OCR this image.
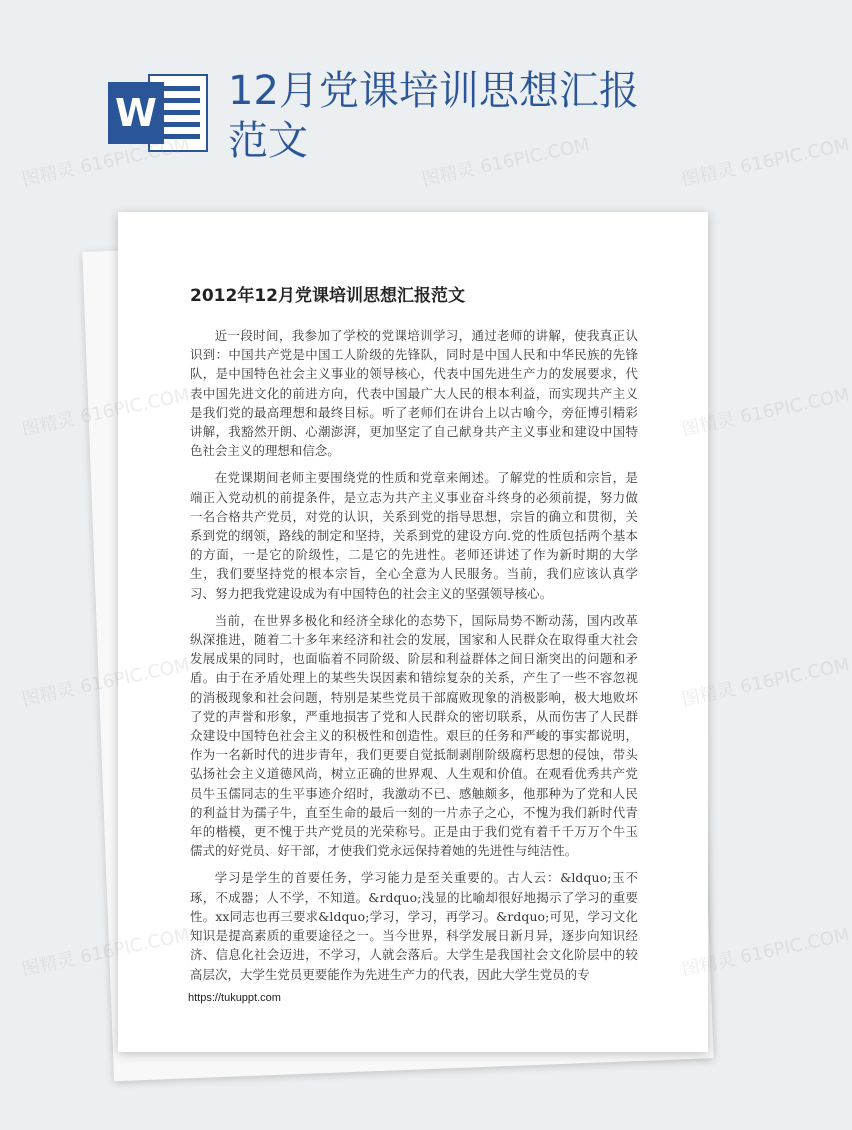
W 12月党课培训思想汇报范文
2012年12月党课培训思想汇报范文

近一段时间，我参加了学校的党课培训学习，通过老师的讲解，使我真正认识到：中国共产党是中国工人阶级的先锋队，同时是中国人民和中华民族的先锋队，是中国特色社会主义事业的领导核心，代表中国先进生产力的发展要求，代表中国先进文化的前进方向，代表中国最广大人民的根本利益，而实现共产主义是我们党的最高理想和最终目标。听了老师们在讲台上以古喻今，旁征博引精彩讲解，我豁然开朗、心潮澎湃，更加坚定了自己献身共产主义事业和建设中国特色社会主义的理想和信念。

在党课期间老师主要围绕党的性质和党章来阐述。了解党的性质和宗旨，是端正入党动机的前提条件，是立志为共产主义事业奋斗终身的必须前提，努力做一名合格共产党员，对党的认识，关系到党的指导思想，宗旨的确立和贯彻，关系到党的纲领，路线的制定和坚持，关系到党的建设方向.党的性质包括两个基本的方面，一是它的阶级性，二是它的先进性。老师还讲述了作为新时期的大学生，我们要坚持党的根本宗旨，全心全意为人民服务。当前，我们应该认真学习、努力把我党建设成为有中国特色的社会主义的坚强领导核心。

当前，在世界多极化和经济全球化的态势下，国际局势不断动荡，国内改革纵深推进，随着二十多年来经济和社会的发展，国家和人民群众在取得重大社会发展成果的同时，也面临着不同阶级、阶层和利益群体之间日渐突出的问题和矛盾。由于在矛盾处理上的某些失误因素和错综复杂的关系，产生了一些不容忽视的消极现象和社会问题，特别是某些党员干部腐败现象的消极影响，极大地败坏了党的声誉和形象，严重地损害了党和人民群众的密切联系，从而伤害了人民群众建设中国特色社会主义的积极性和创造性。艰巨的任务和严峻的事实都说明，作为一名新时代的进步青年，我们更要自觉抵制剥削阶级腐朽思想的侵蚀，带头弘扬社会主义道德风尚，树立正确的世界观、人生观和价值。在观看优秀共产党员牛玉儒同志的生平事迹介绍时，我激动不已、感触颇多，他那种为了党和人民的利益甘为孺子牛，直至生命的最后一刻的一片赤子之心，不愧为我们新时代青年的楷模，更不愧于共产党员的光荣称号。正是由于我们党有着千千万万个牛玉儒式的好党员、好干部，才使我们党永远保持着她的先进性与纯洁性。

学习是学生的首要任务，学习能力是至关重要的。古人云：&ldquo;玉不琢，不成器；人不学，不知道。&rdquo;浅显的比喻却很好地揭示了学习的重要性。xx同志也再三要求&ldquo;学习，学习，再学习。&rdquo;可见，学习文化知识是提高素质的重要途径之一。当今世界，科学发展日新月异，逐步向知识经济、信息化社会迈进，不学习，人就会落后。大学生是我国社会文化阶层中的较高层次，大学生党员更要能作为先进生产力的代表，因此大学生党员的专

https://tukuppt.com
图精灵 616PIC.COM	图精灵 616PIC.COM	图精灵 616PIC.COM
图精灵	图精灵 616PIC.COM
图精灵	图精灵 616PIC.COM
图精灵 616PIC.COM	图精灵 616PIC.COM
